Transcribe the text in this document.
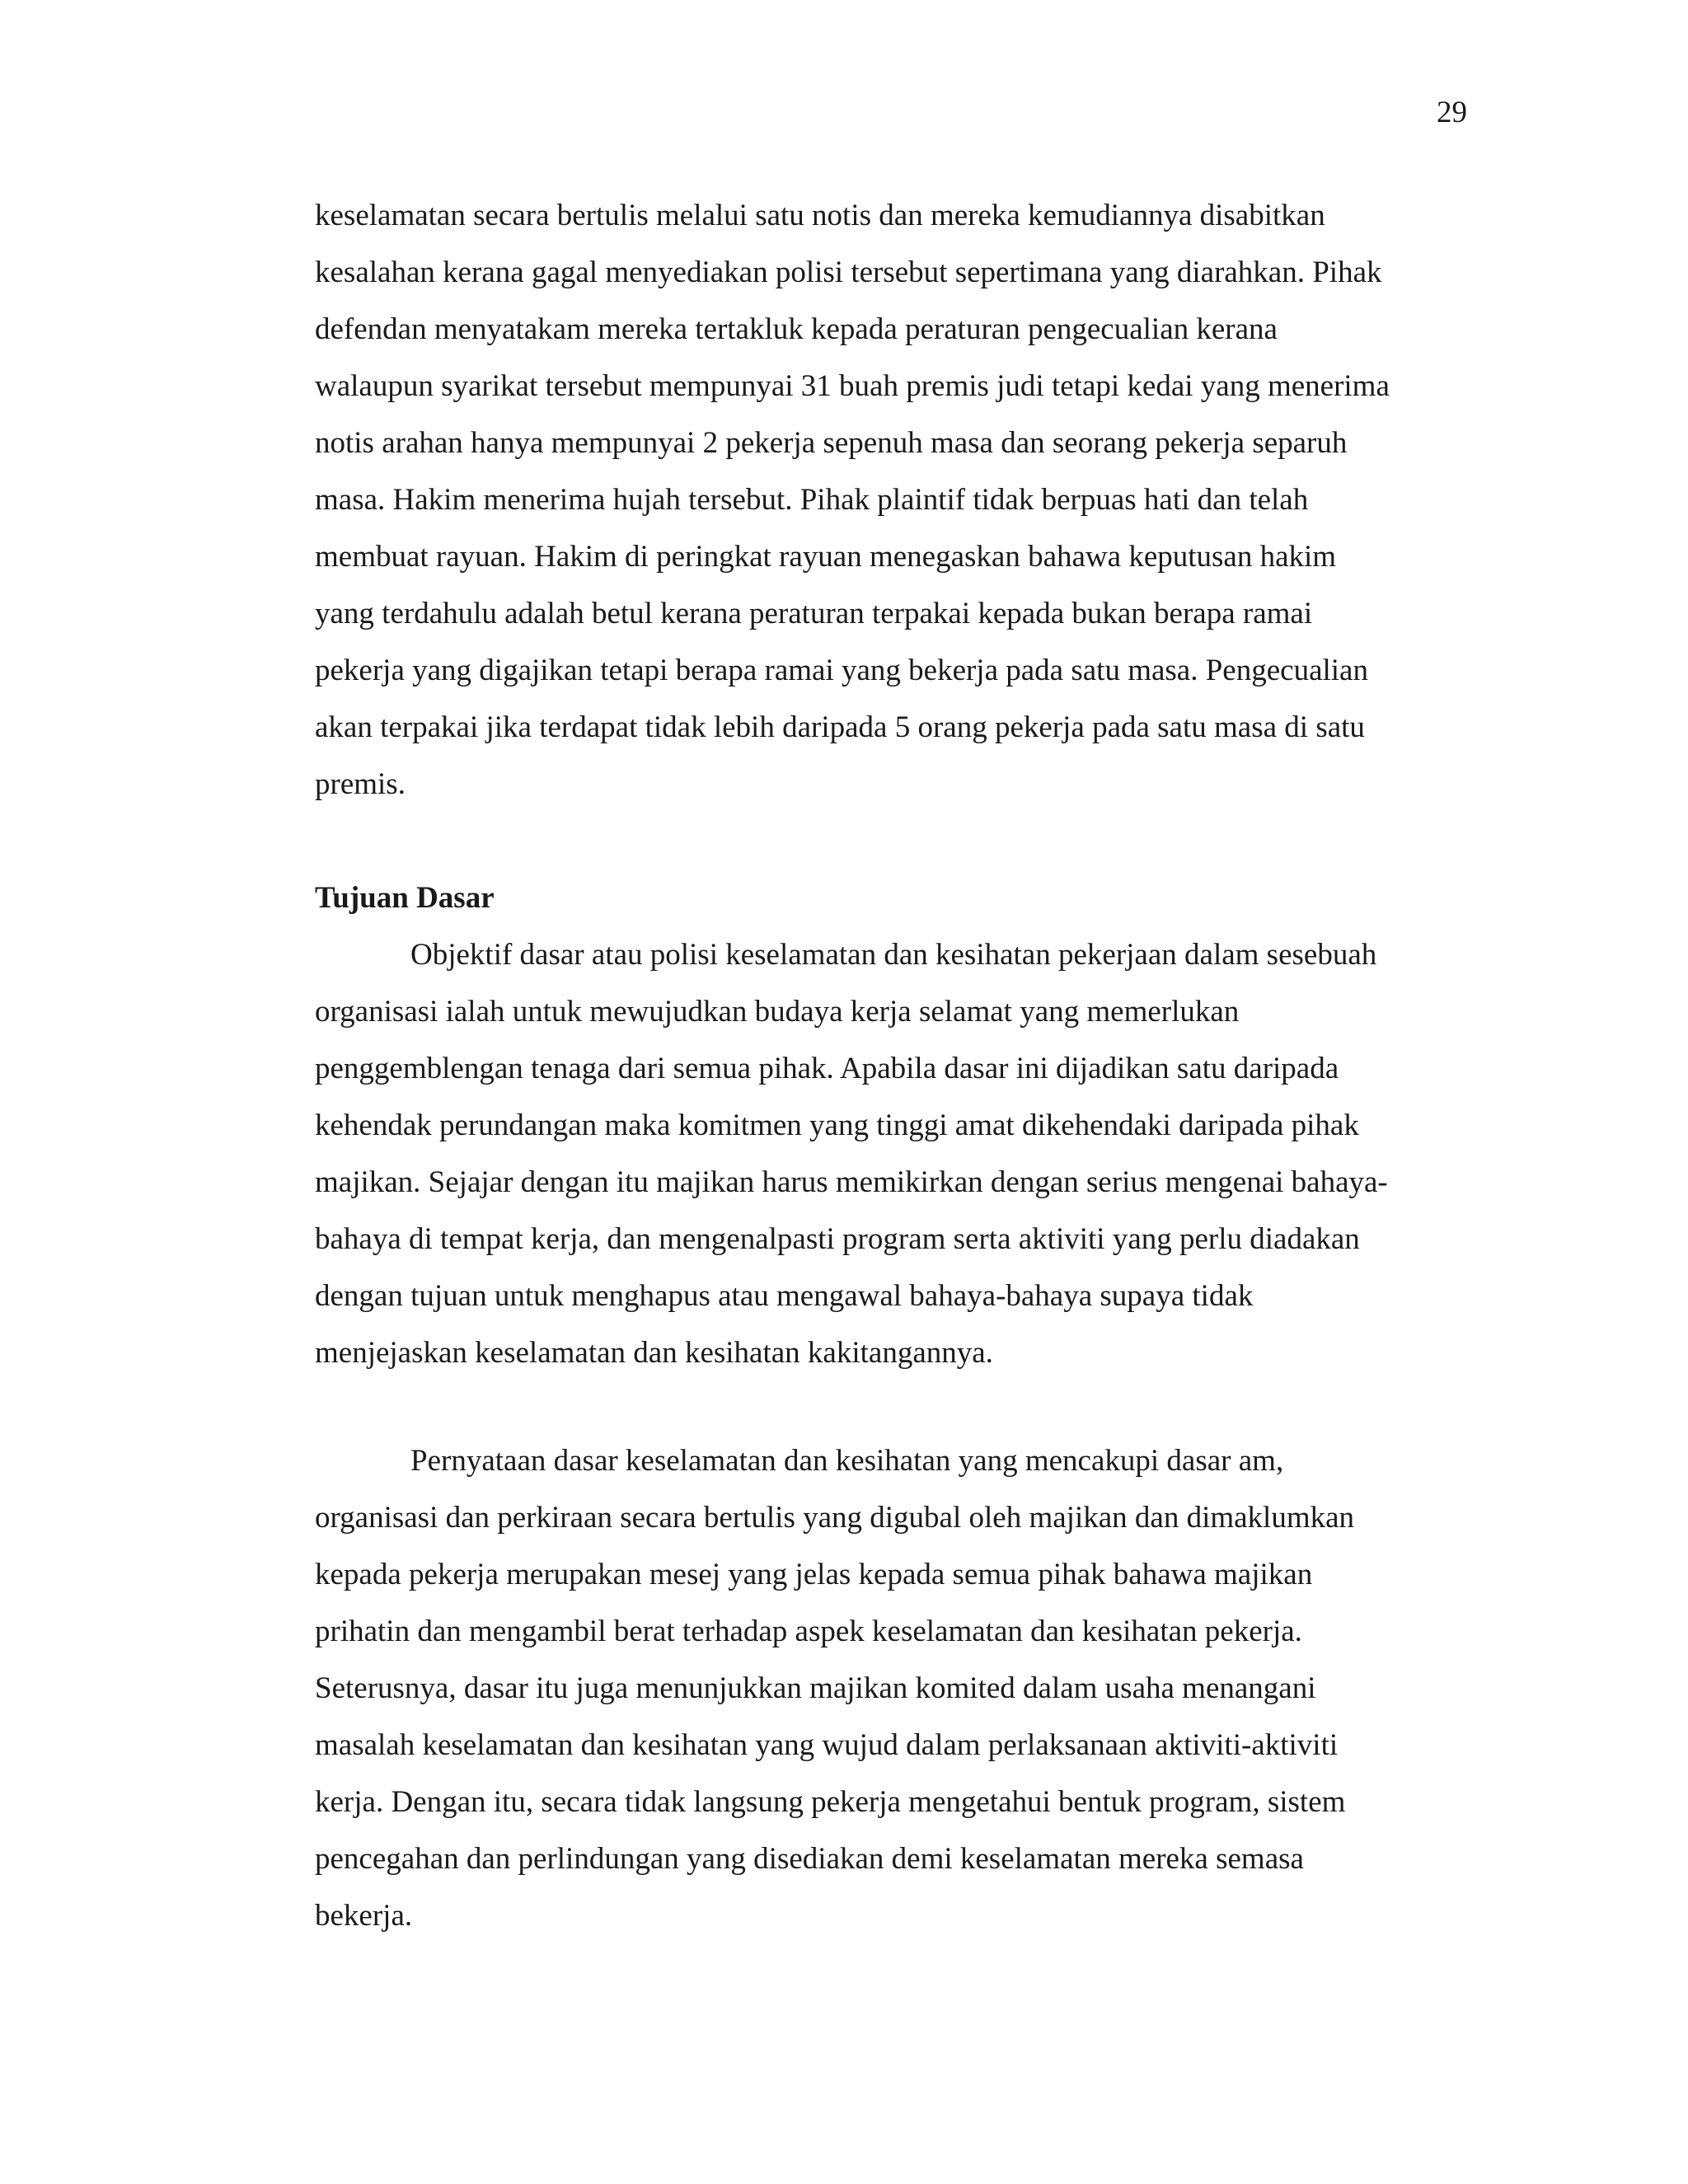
29
keselamatan secara bertulis melalui satu notis dan mereka kemudiannya disabitkan
kesalahan kerana gagal menyediakan polisi tersebut sepertimana yang diarahkan. Pihak
defendan menyatakam mereka tertakluk kepada peraturan pengecualian kerana
walaupun syarikat tersebut mempunyai 31 buah premis judi tetapi kedai yang menerima
notis arahan hanya mempunyai 2 pekerja sepenuh masa dan seorang pekerja separuh
masa. Hakim menerima hujah tersebut. Pihak plaintif tidak berpuas hati dan telah
membuat rayuan. Hakim di peringkat rayuan menegaskan bahawa keputusan hakim
yang terdahulu adalah betul kerana peraturan terpakai kepada bukan berapa ramai
pekerja yang digajikan tetapi berapa ramai yang bekerja pada satu masa. Pengecualian
akan terpakai jika terdapat tidak lebih daripada 5 orang pekerja pada satu masa di satu
premis.
Tujuan Dasar
Objektif dasar atau polisi keselamatan dan kesihatan pekerjaan dalam sesebuah
organisasi ialah untuk mewujudkan budaya kerja selamat yang memerlukan
penggemblengan tenaga dari semua pihak. Apabila dasar ini dijadikan satu daripada
kehendak perundangan maka komitmen yang tinggi amat dikehendaki daripada pihak
majikan. Sejajar dengan itu majikan harus memikirkan dengan serius mengenai bahaya-
bahaya di tempat kerja, dan mengenalpasti program serta aktiviti yang perlu diadakan
dengan tujuan untuk menghapus atau mengawal bahaya-bahaya supaya tidak
menjejaskan keselamatan dan kesihatan kakitangannya.
Pernyataan dasar keselamatan dan kesihatan yang mencakupi dasar am,
organisasi dan perkiraan secara bertulis yang digubal oleh majikan dan dimaklumkan
kepada pekerja merupakan mesej yang jelas kepada semua pihak bahawa majikan
prihatin dan mengambil berat terhadap aspek keselamatan dan kesihatan pekerja.
Seterusnya, dasar itu juga menunjukkan majikan komited dalam usaha menangani
masalah keselamatan dan kesihatan yang wujud dalam perlaksanaan aktiviti-aktiviti
kerja. Dengan itu, secara tidak langsung pekerja mengetahui bentuk program, sistem
pencegahan dan perlindungan yang disediakan demi keselamatan mereka semasa
bekerja.
